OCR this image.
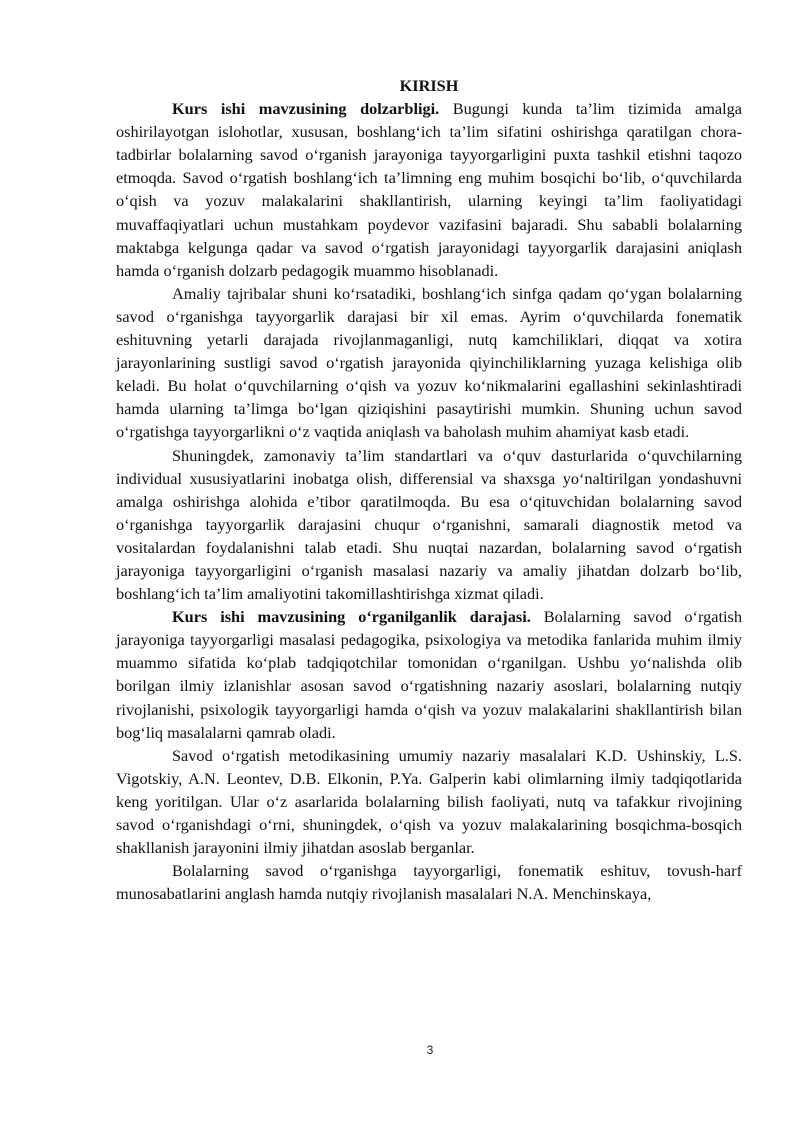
KIRISH

Kurs ishi mavzusining dolzarbligi. Bugungi kunda ta’lim tizimida amalga oshirilayotgan islohotlar, xususan, boshlang‘ich ta’lim sifatini oshirishga qaratilgan chora-tadbirlar bolalarning savod o‘rganish jarayoniga tayyorgarligini puxta tashkil etishni taqozo etmoqda. Savod o‘rgatish boshlang‘ich ta’limning eng muhim bosqichi bo‘lib, o‘quvchilarda o‘qish va yozuv malakalarini shakllantirish, ularning keyingi ta’lim faoliyatidagi muvaffaqiyatlari uchun mustahkam poydevor vazifasini bajaradi. Shu sababli bolalarning maktabga kelgunga qadar va savod o‘rgatish jarayonidagi tayyorgarlik darajasini aniqlash hamda o‘rganish dolzarb pedagogik muammo hisoblanadi.

Amaliy tajribalar shuni ko‘rsatadiki, boshlang‘ich sinfga qadam qo‘ygan bolalarning savod o‘rganishga tayyorgarlik darajasi bir xil emas. Ayrim o‘quvchilarda fonematik eshituvning yetarli darajada rivojlanmaganligi, nutq kamchiliklari, diqqat va xotira jarayonlarining sustligi savod o‘rgatish jarayonida qiyinchiliklarning yuzaga kelishiga olib keladi. Bu holat o‘quvchilarning o‘qish va yozuv ko‘nikmalarini egallashini sekinlashtiradi hamda ularning ta’limga bo‘lgan qiziqishini pasaytirishi mumkin. Shuning uchun savod o‘rgatishga tayyorgarlikni o‘z vaqtida aniqlash va baholash muhim ahamiyat kasb etadi.

Shuningdek, zamonaviy ta’lim standartlari va o‘quv dasturlarida o‘quvchilarning individual xususiyatlarini inobatga olish, differensial va shaxsga yo‘naltirilgan yondashuvni amalga oshirishga alohida e’tibor qaratilmoqda. Bu esa o‘qituvchidan bolalarning savod o‘rganishga tayyorgarlik darajasini chuqur o‘rganishni, samarali diagnostik metod va vositalardan foydalanishni talab etadi. Shu nuqtai nazardan, bolalarning savod o‘rgatish jarayoniga tayyorgarligini o‘rganish masalasi nazariy va amaliy jihatdan dolzarb bo‘lib, boshlang‘ich ta’lim amaliyotini takomillashtirishga xizmat qiladi.

Kurs ishi mavzusining o‘rganilganlik darajasi. Bolalarning savod o‘rgatish jarayoniga tayyorgarligi masalasi pedagogika, psixologiya va metodika fanlarida muhim ilmiy muammo sifatida ko‘plab tadqiqotchilar tomonidan o‘rganilgan. Ushbu yo‘nalishda olib borilgan ilmiy izlanishlar asosan savod o‘rgatishning nazariy asoslari, bolalarning nutqiy rivojlanishi, psixologik tayyorgarligi hamda o‘qish va yozuv malakalarini shakllantirish bilan bog‘liq masalalarni qamrab oladi.

Savod o‘rgatish metodikasining umumiy nazariy masalalari K.D. Ushinskiy, L.S. Vigotskiy, A.N. Leontev, D.B. Elkonin, P.Ya. Galperin kabi olimlarning ilmiy tadqiqotlarida keng yoritilgan. Ular o‘z asarlarida bolalarning bilish faoliyati, nutq va tafakkur rivojining savod o‘rganishdagi o‘rni, shuningdek, o‘qish va yozuv malakalarining bosqichma-bosqich shakllanish jarayonini ilmiy jihatdan asoslab berganlar.

Bolalarning savod o‘rganishga tayyorgarligi, fonematik eshituv, tovush-harf munosabatlarini anglash hamda nutqiy rivojlanish masalalari N.A. Menchinskaya,

3
